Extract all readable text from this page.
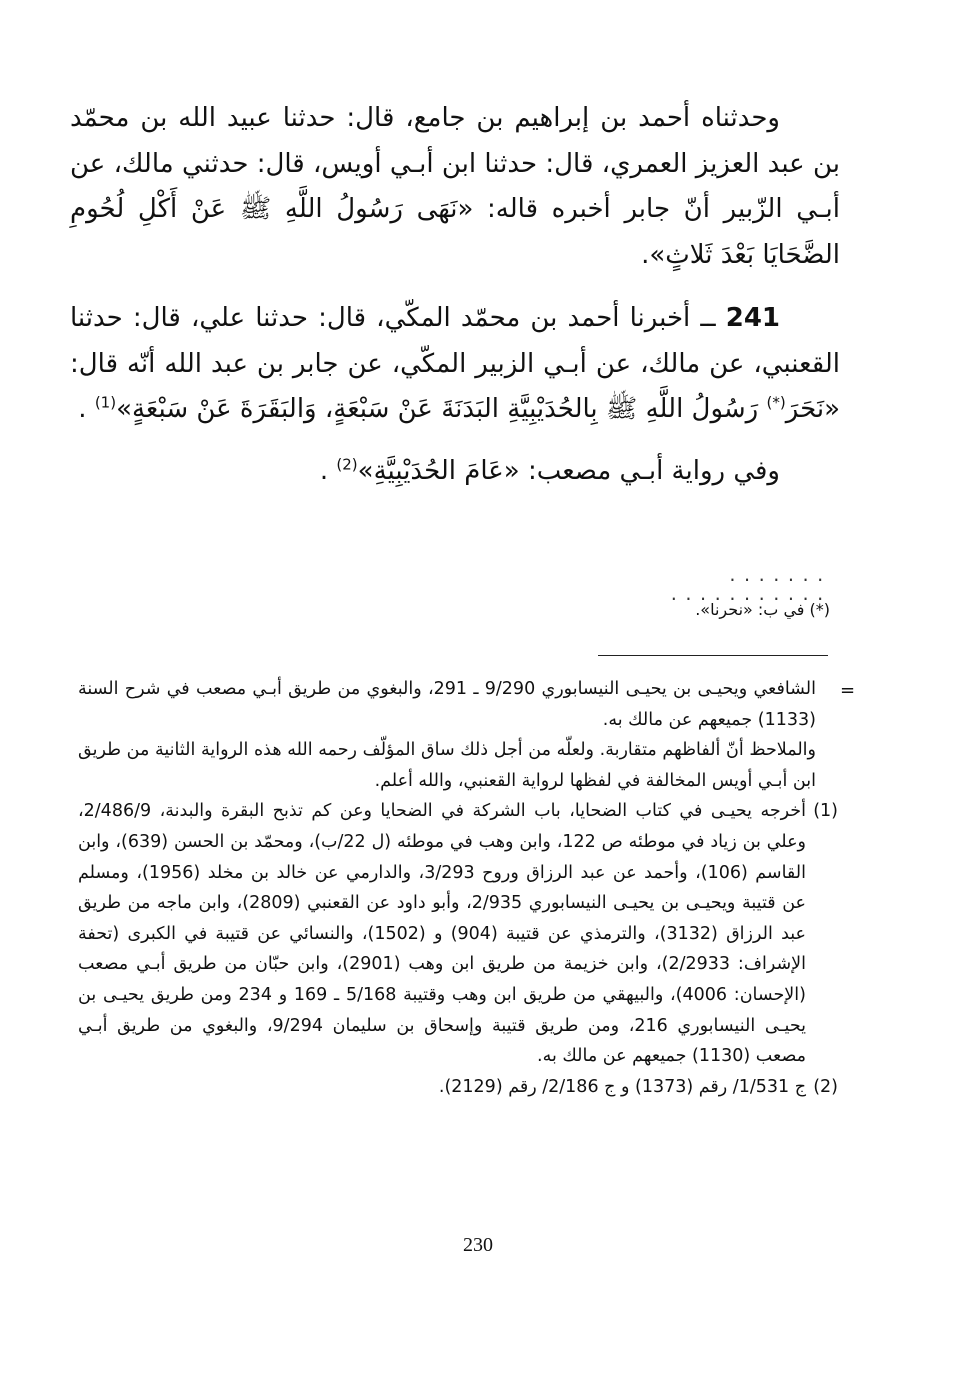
وحدثناه أحمد بن إبراهيم بن جامع، قال: حدثنا عبيد الله بن محمّد بن عبد العزيز العمري، قال: حدثنا ابن أبـي أويس، قال: حدثني مالك، عن أبـي الزّبير أنّ جابر أخبره قاله: «نَهَى رَسُولُ اللَّهِ ﷺ عَنْ أَكْلِ لُحُومِ الضَّحَايَا بَعْدَ ثَلاثٍ».

241 ــ أخبرنا أحمد بن محمّد المكّي، قال: حدثنا علي، قال: حدثنا القعنبي، عن مالك، عن أبـي الزبير المكّي، عن جابر بن عبد الله أنّه قال: «نَحَرَ(*) رَسُولُ اللَّهِ ﷺ بِالحُدَيْبِيَّةِ البَدَنَةَ عَنْ سَبْعَةٍ، وَالبَقَرَةَ عَنْ سَبْعَةٍ»$^{(1)}$ .

وفي رواية أبـي مصعب: «عَامَ الحُدَيْبِيَّةِ»$^{(2)}$ .

....... ...........
(*) في ب: «نحرنا».
=

الشافعي ويحيـى بن يحيـى النيسابوري 9/290 ـ 291، والبغوي من طريق أبـي مصعب في شرح السنة (1133) جميعهم عن مالك به.

والملاحظ أنّ ألفاظهم متقاربة. ولعلّه من أجل ذلك ساق المؤلّف رحمه الله هذه الرواية الثانية من طريق ابن أبـي أويس المخالفة في لفظها لرواية القعنبي، والله أعلم.

(1)
أخرجه يحيـى في كتاب الضحايا، باب الشركة في الضحايا وعن كم تذبح البقرة والبدنة، 2/486/9، وعلي بن زياد في موطئه ص 122، وابن وهب في موطئه (ل 22/ب)، ومحمّد بن الحسن (639)، وابن القاسم (106)، وأحمد عن عبد الرزاق وروح 3/293، والدارمي عن خالد بن مخلد (1956)، ومسلم عن قتيبة ويحيـى بن يحيـى النيسابوري 2/935، وأبو داود عن القعنبي (2809)، وابن ماجه من طريق عبد الرزاق (3132)، والترمذي عن قتيبة (904) و (1502)، والنسائي عن قتيبة في الكبرى (تحفة الإشراف: 2/2933)، وابن خزيمة من طريق ابن وهب (2901)، وابن حبّان من طريق أبـي مصعب (الإحسان: 4006)، والبيهقي من طريق ابن وهب وقتيبة 5/168 ـ 169 و 234 ومن طريق يحيـى بن يحيـى النيسابوري 216، ومن طريق قتيبة وإسحاق بن سليمان 9/294، والبغوي من طريق أبـي مصعب (1130) جميعهم عن مالك به.
(2)
ج 1/531/ رقم (1373) و ج 2/186/ رقم (2129).
230
